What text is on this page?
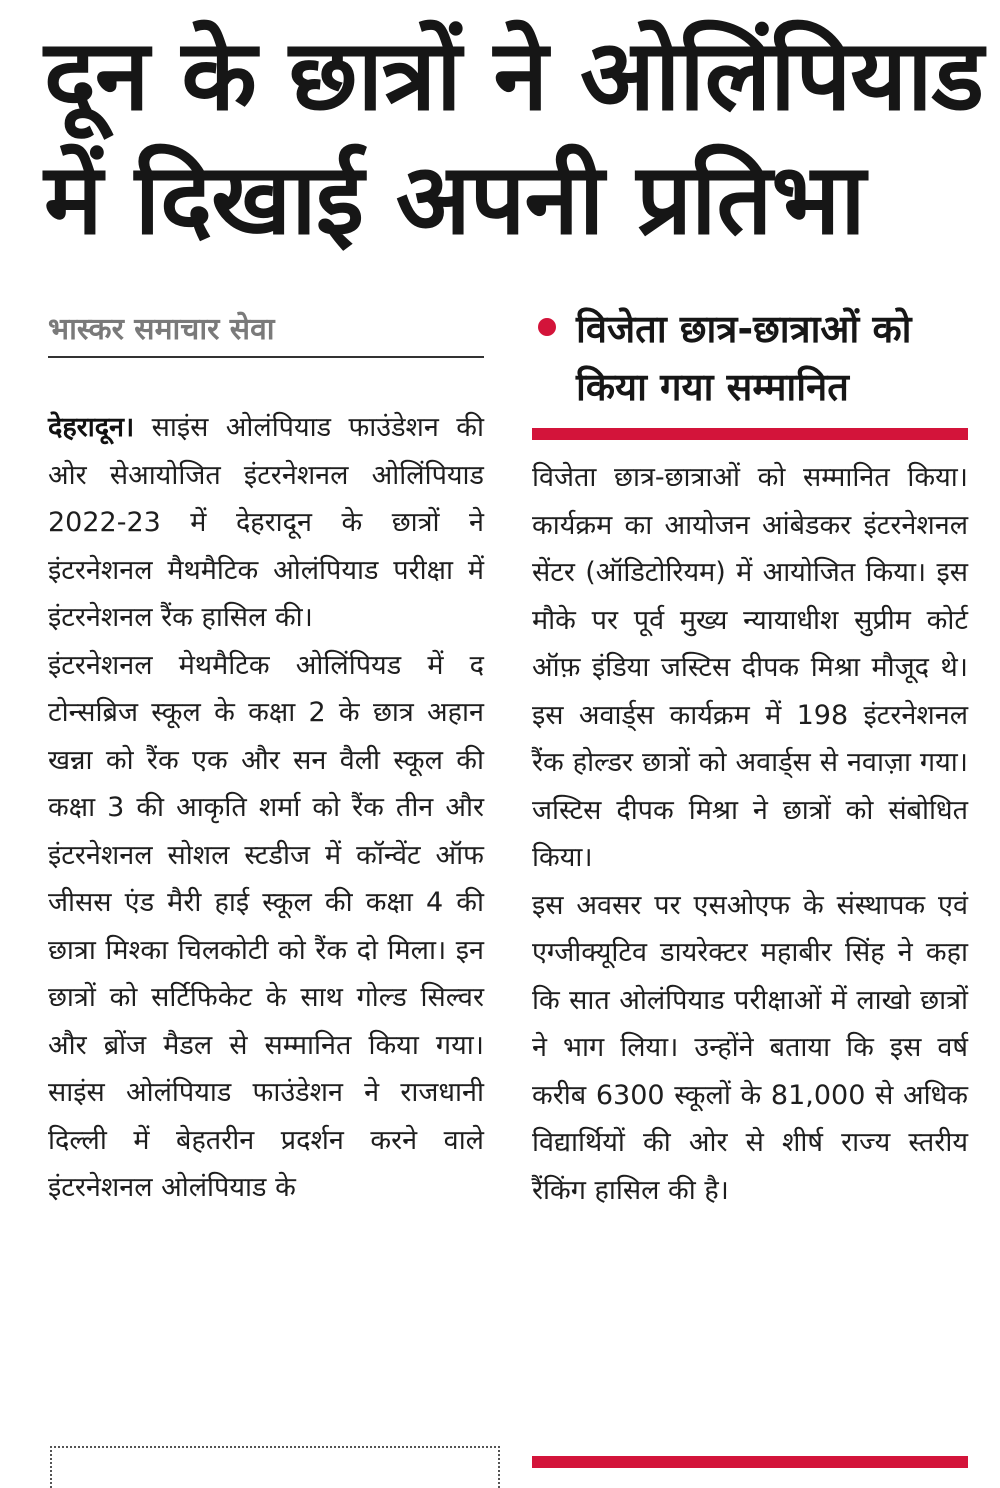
दून के छात्रों ने ओलिंपियाड
में दिखाई अपनी प्रतिभा
भास्कर समाचार सेवा	विजेता छात्र-छात्राओं को किया गया सम्मानित

देहरादून। साइंस ओलंपियाड फाउंडेशन की ओर सेआयोजित इंटरनेशनल ओलिंपियाड 2022-23 में देहरादून के छात्रों ने इंटरनेशनल मैथमैटिक ओलंपियाड परीक्षा में इंटरनेशनल रैंक हासिल की।

इंटरनेशनल मेथमैटिक ओलिंपियड में द टोन्सब्रिज स्कूल के कक्षा 2 के छात्र अहान खन्ना को रैंक एक और सन वैली स्कूल की कक्षा 3 की आकृति शर्मा को रैंक तीन और इंटरनेशनल सोशल स्टडीज में कॉन्वेंट ऑफ जीसस एंड मैरी हाई स्कूल की कक्षा 4 की छात्रा मिश्का चिलकोटी को रैंक दो मिला। इन छात्रों को सर्टिफिकेट के साथ गोल्ड सिल्वर और ब्रोंज मैडल से सम्मानित किया गया। साइंस ओलंपियाड फाउंडेशन ने राजधानी दिल्ली में बेहतरीन प्रदर्शन करने वाले इंटरनेशनल ओलंपियाड के

विजेता छात्र-छात्राओं को सम्मानित किया। कार्यक्रम का आयोजन आंबेडकर इंटरनेशनल सेंटर (ऑडिटोरियम) में आयोजित किया। इस मौके पर पूर्व मुख्य न्यायाधीश सुप्रीम कोर्ट ऑफ़ इंडिया जस्टिस दीपक मिश्रा मौजूद थे। इस अवार्ड्स कार्यक्रम में 198 इंटरनेशनल रैंक होल्डर छात्रों को अवार्ड्स से नवाज़ा गया। जस्टिस दीपक मिश्रा ने छात्रों को संबोधित किया।

इस अवसर पर एसओएफ के संस्थापक एवं एग्जीक्यूटिव डायरेक्टर महाबीर सिंह ने कहा कि सात ओलंपियाड परीक्षाओं में लाखो छात्रों ने भाग लिया। उन्होंने बताया कि इस वर्ष करीब 6300 स्कूलों के 81,000 से अधिक विद्यार्थियों की ओर से शीर्ष राज्य स्तरीय रैंकिंग हासिल की है।
